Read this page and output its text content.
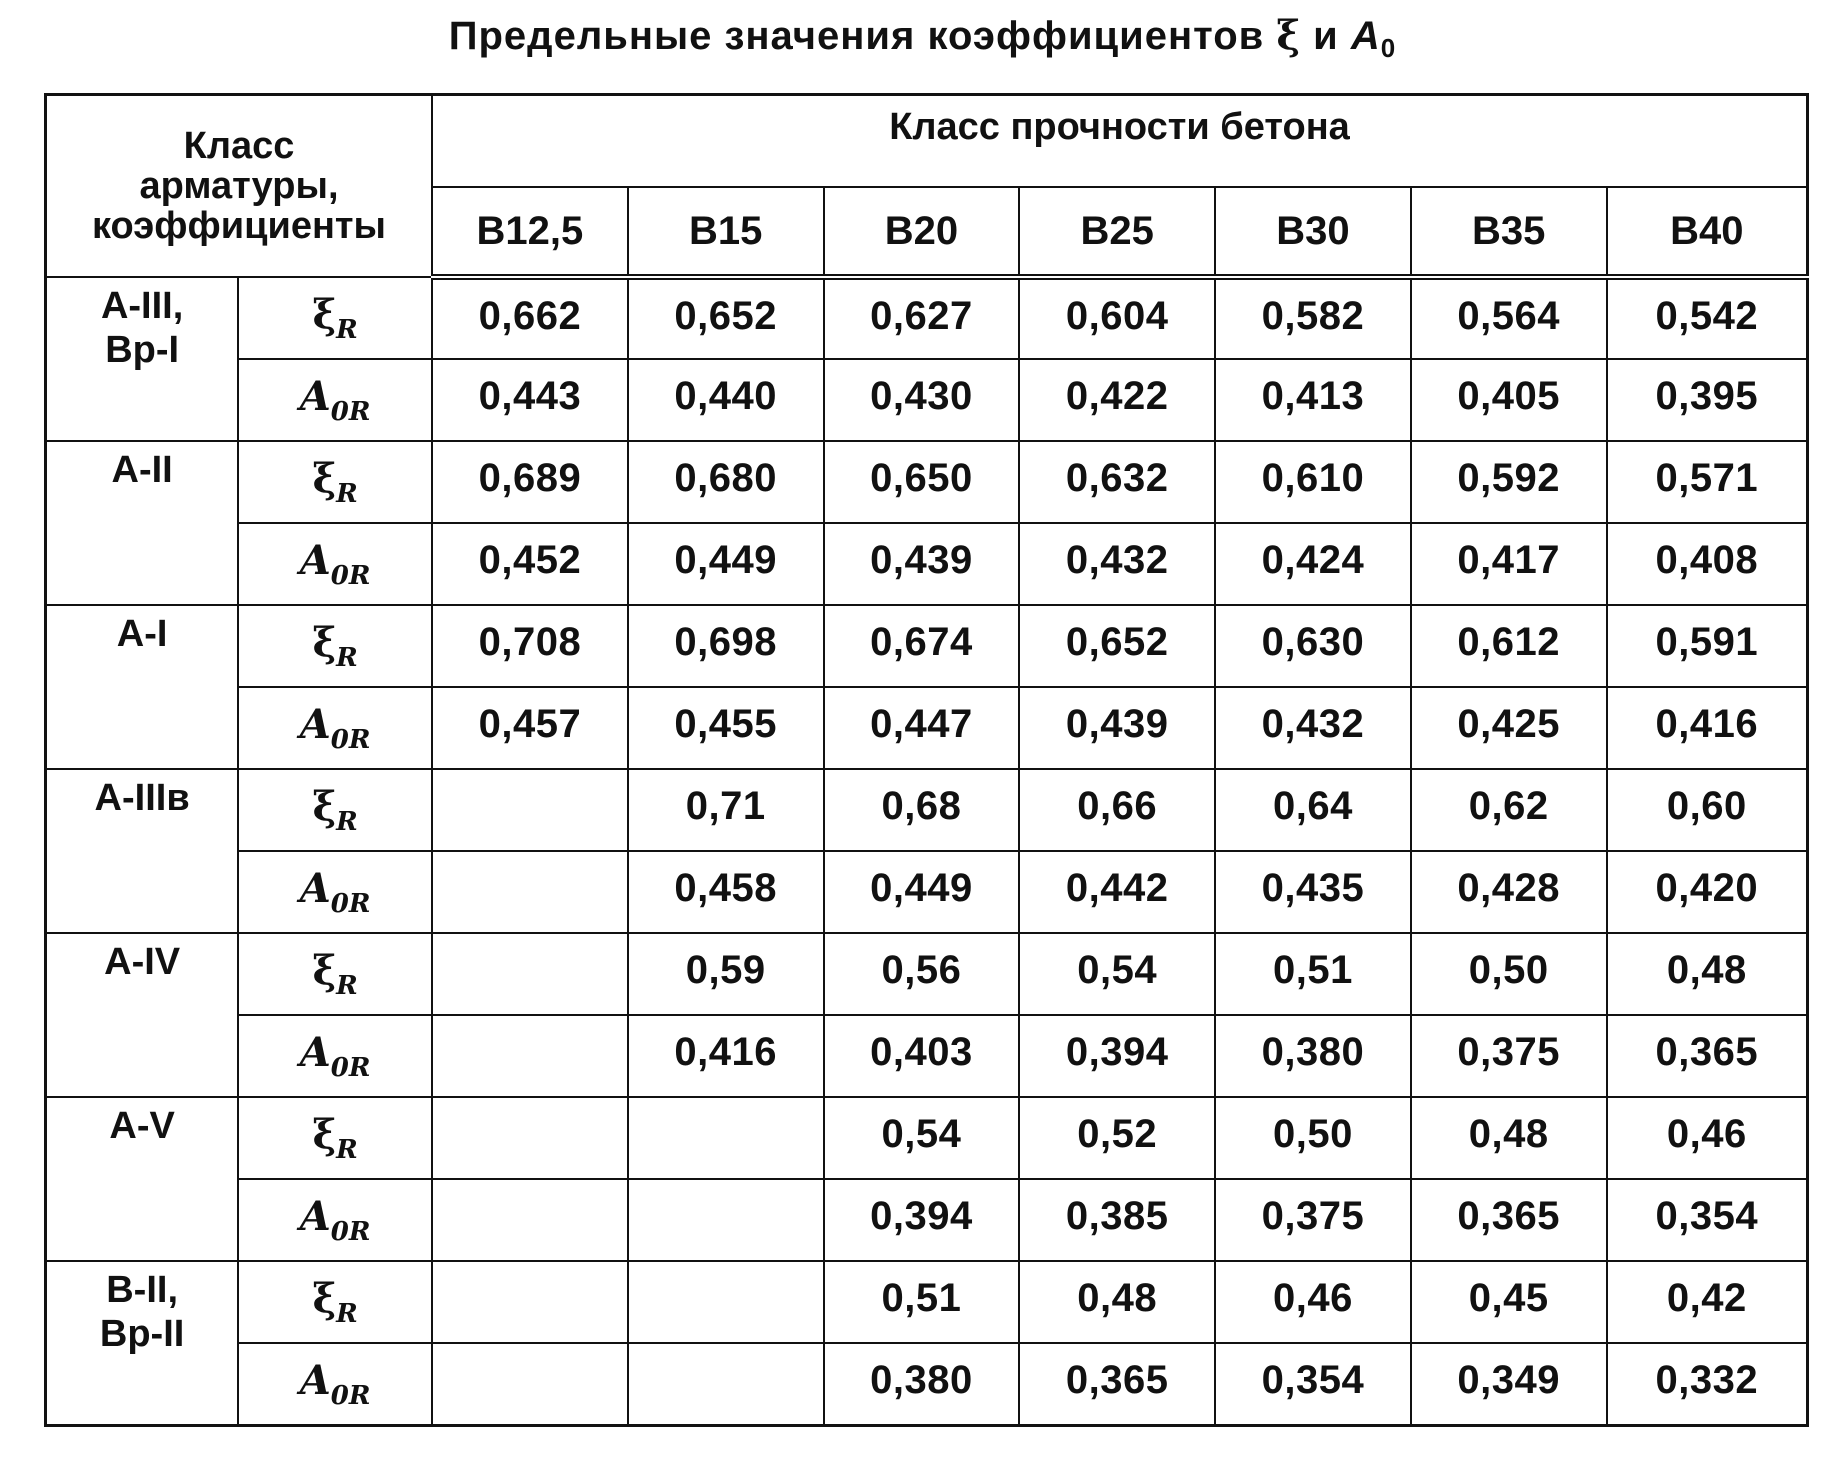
Предельные значения коэффициентов ξ и $A_0$
Класс
арматуры,
коэффициенты		Класс прочности бетона						
		B12,5	B15	B20	B25	B30	B35	B40

A-III,
Bp-I	$\xi_R$	0,662	0,652	0,627	0,604	0,582	0,564	0,542
	$A_{0R}$	0,443	0,440	0,430	0,422	0,413	0,405	0,395

A-II	$\xi_R$	0,689	0,680	0,650	0,632	0,610	0,592	0,571
	$A_{0R}$	0,452	0,449	0,439	0,432	0,424	0,417	0,408

A-I	$\xi_R$	0,708	0,698	0,674	0,652	0,630	0,612	0,591
	$A_{0R}$	0,457	0,455	0,447	0,439	0,432	0,425	0,416

A-IIIв	$\xi_R$		0,71	0,68	0,66	0,64	0,62	0,60
	$A_{0R}$		0,458	0,449	0,442	0,435	0,428	0,420

A-IV	$\xi_R$		0,59	0,56	0,54	0,51	0,50	0,48
	$A_{0R}$		0,416	0,403	0,394	0,380	0,375	0,365

A-V	$\xi_R$			0,54	0,52	0,50	0,48	0,46
	$A_{0R}$			0,394	0,385	0,375	0,365	0,354

B-II,
Bp-II	$\xi_R$			0,51	0,48	0,46	0,45	0,42
	$A_{0R}$			0,380	0,365	0,354	0,349	0,332
